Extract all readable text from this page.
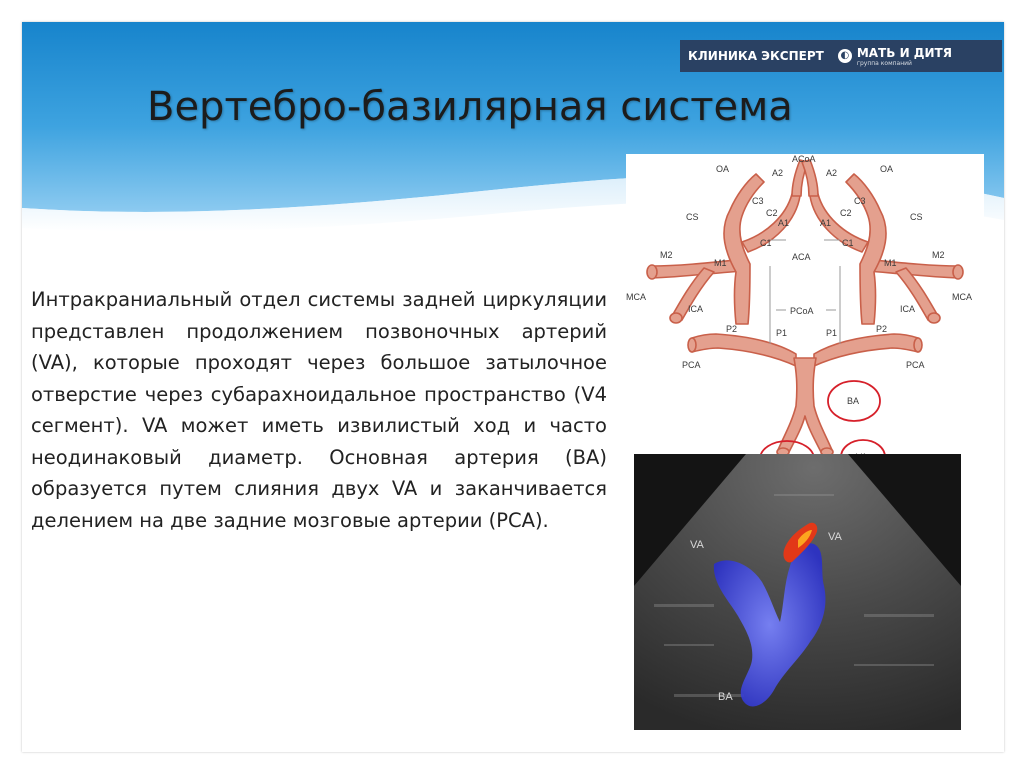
КЛИНИКА ЭКСПЕРТ ◐ МАТЬ И ДИТЯ
группа компаний
Вертебро-базилярная система

Интракраниальный отдел системы задней циркуляции представлен продолжением позвоночных артерий (VA), которые проходят через большое затылочное отверстие через субарахноидальное пространство (V4 сегмент). VA может иметь извилистый ход и часто неодинаковый диаметр. Основная артерия (BA) образуется путем слияния двух VA и заканчивается делением на две задние мозговые артерии (PCA).

ACoA
A2	A2
OA	OA
C3	C3
C2	C2
CS	CS
A1	A1
C1	C1
ACA
M2	M2
M1	M1
MCA	MCA
ICA	ICA
PCoA
P2	P2
P1	P1
PCA	PCA
BA
VA
VA
BA
